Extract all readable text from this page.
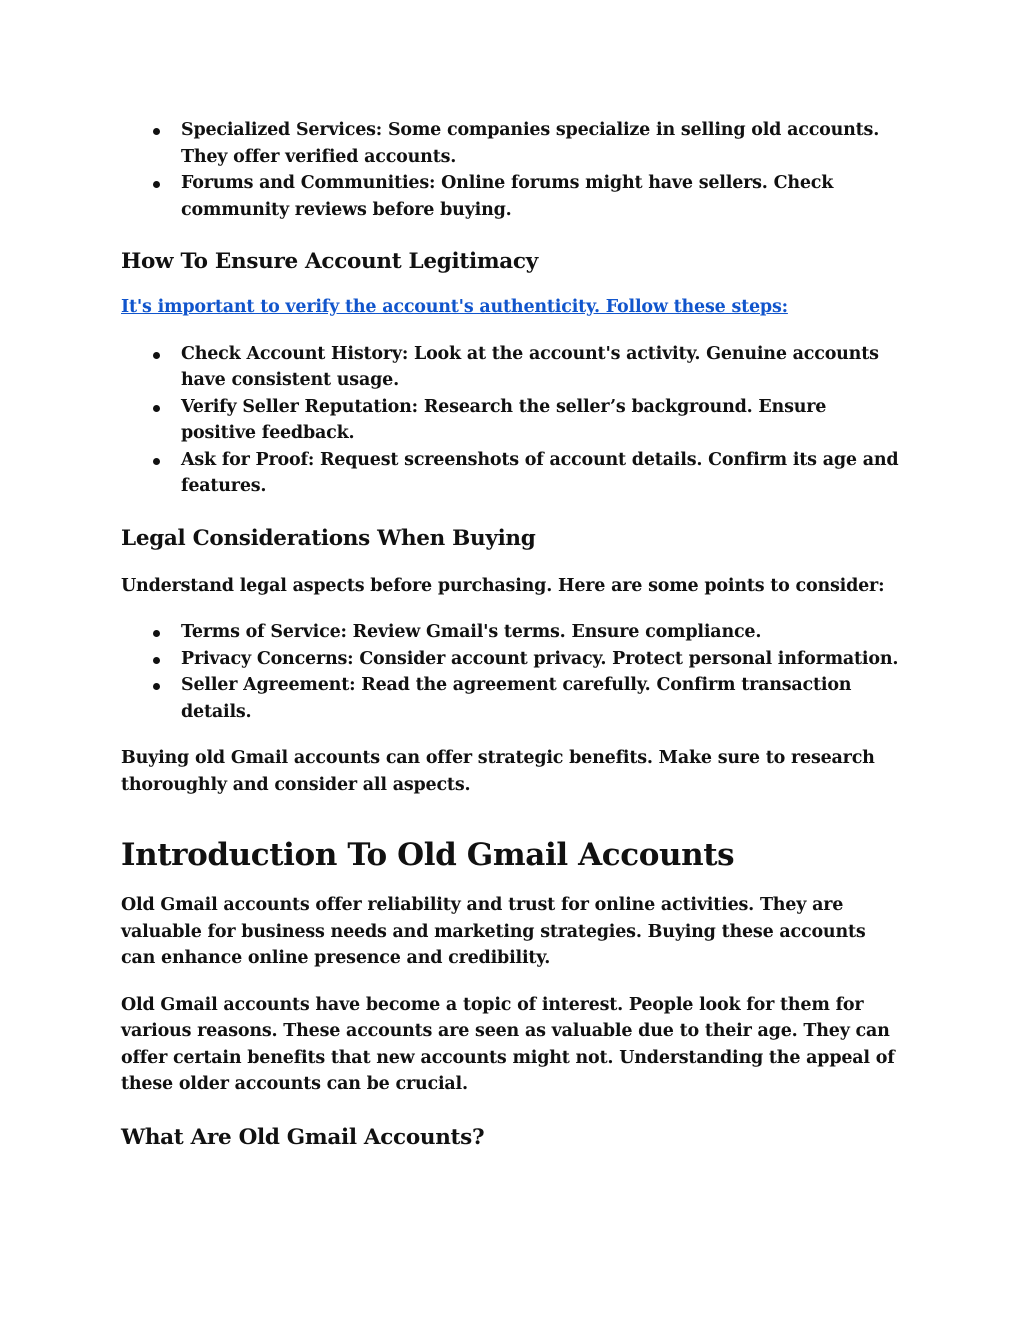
Specialized Services: Some companies specialize in selling old accounts. They offer verified accounts.
Forums and Communities: Online forums might have sellers. Check community reviews before buying.
How To Ensure Account Legitimacy
It's important to verify the account's authenticity. Follow these steps:
Check Account History: Look at the account's activity. Genuine accounts have consistent usage.
Verify Seller Reputation: Research the seller’s background. Ensure positive feedback.
Ask for Proof: Request screenshots of account details. Confirm its age and features.
Legal Considerations When Buying

Understand legal aspects before purchasing. Here are some points to consider:

Terms of Service: Review Gmail's terms. Ensure compliance.
Privacy Concerns: Consider account privacy. Protect personal information.
Seller Agreement: Read the agreement carefully. Confirm transaction details.

Buying old Gmail accounts can offer strategic benefits. Make sure to research thoroughly and consider all aspects.

Introduction To Old Gmail Accounts

Old Gmail accounts offer reliability and trust for online activities. They are valuable for business needs and marketing strategies. Buying these accounts can enhance online presence and credibility.

Old Gmail accounts have become a topic of interest. People look for them for various reasons. These accounts are seen as valuable due to their age. They can offer certain benefits that new accounts might not. Understanding the appeal of these older accounts can be crucial.

What Are Old Gmail Accounts?
